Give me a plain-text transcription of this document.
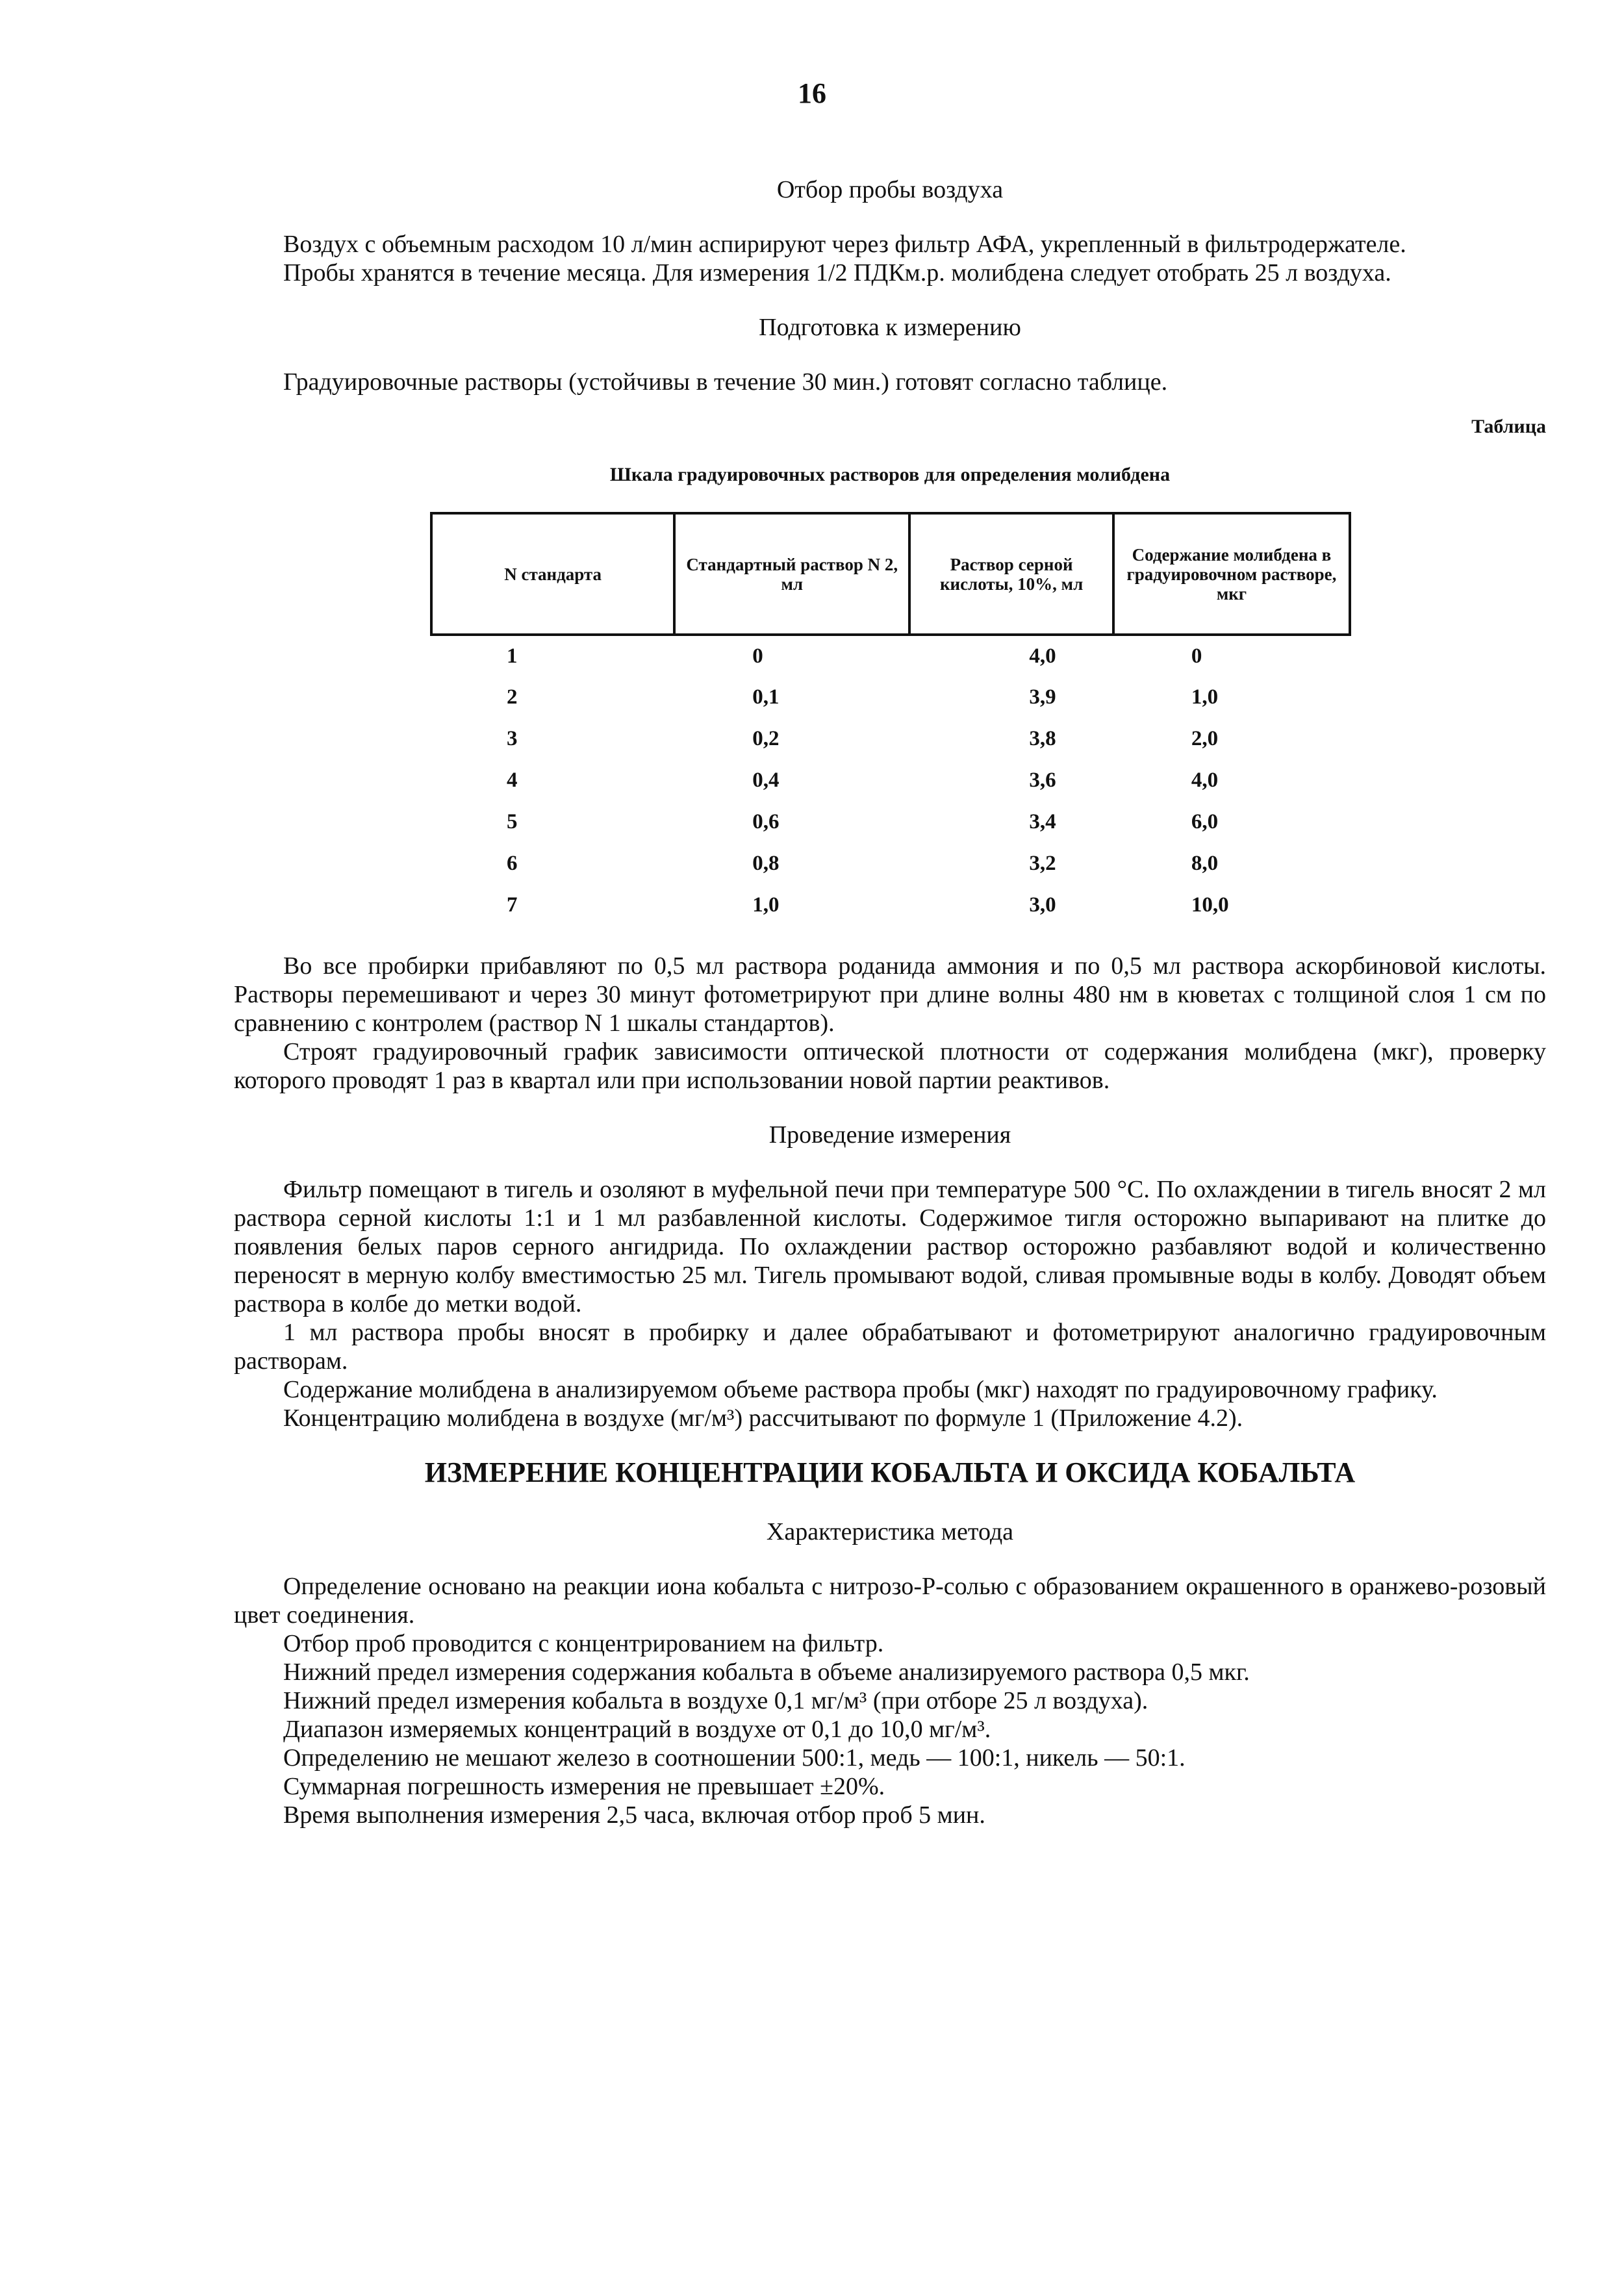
16
Отбор пробы воздуха

Воздух с объемным расходом 10 л/мин аспирируют через фильтр АФА, укрепленный в фильтродержателе.

Пробы хранятся в течение месяца. Для измерения 1/2 ПДКм.р. молибдена следует отобрать 25 л воздуха.

Подготовка к измерению

Градуировочные растворы (устойчивы в течение 30 мин.) готовят согласно таблице.

Таблица
Шкала градуировочных растворов для определения молибдена
N стандарта	Стандартный раствор N 2, мл	Раствор серной кислоты, 10%, мл	Содержание молибдена в градуировочном растворе, мкг
1	0	4,0	0
2	0,1	3,9	1,0
3	0,2	3,8	2,0
4	0,4	3,6	4,0
5	0,6	3,4	6,0
6	0,8	3,2	8,0
7	1,0	3,0	10,0

Во все пробирки прибавляют по 0,5 мл раствора роданида аммония и по 0,5 мл раствора аскорбиновой кислоты. Растворы перемешивают и через 30 минут фотометрируют при длине волны 480 нм в кюветах с толщиной слоя 1 см по сравнению с контролем (раствор N 1 шкалы стандартов).

Строят градуировочный график зависимости оптической плотности от содержания молибдена (мкг), проверку которого проводят 1 раз в квартал или при использовании новой партии реактивов.

Проведение измерения

Фильтр помещают в тигель и озоляют в муфельной печи при температуре 500 °С. По охлаждении в тигель вносят 2 мл раствора серной кислоты 1:1 и 1 мл разбавленной кислоты. Содержимое тигля осторожно выпаривают на плитке до появления белых паров серного ангидрида. По охлаждении раствор осторожно разбавляют водой и количественно переносят в мерную колбу вместимостью 25 мл. Тигель промывают водой, сливая промывные воды в колбу. Доводят объем раствора в колбе до метки водой.

1 мл раствора пробы вносят в пробирку и далее обрабатывают и фотометрируют аналогично градуировочным растворам.

Содержание молибдена в анализируемом объеме раствора пробы (мкг) находят по градуировочному графику.

Концентрацию молибдена в воздухе (мг/м³) рассчитывают по формуле 1 (Приложение 4.2).

ИЗМЕРЕНИЕ КОНЦЕНТРАЦИИ КОБАЛЬТА И ОКСИДА КОБАЛЬТА
Характеристика метода

Определение основано на реакции иона кобальта с нитрозо-Р-солью с образованием окрашенного в оранжево-розовый цвет соединения.

Отбор проб проводится с концентрированием на фильтр.

Нижний предел измерения содержания кобальта в объеме анализируемого раствора 0,5 мкг.

Нижний предел измерения кобальта в воздухе 0,1 мг/м³ (при отборе 25 л воздуха).

Диапазон измеряемых концентраций в воздухе от 0,1 до 10,0 мг/м³.

Определению не мешают железо в соотношении 500:1, медь — 100:1, никель — 50:1.

Суммарная погрешность измерения не превышает ±20%.

Время выполнения измерения 2,5 часа, включая отбор проб 5 мин.
